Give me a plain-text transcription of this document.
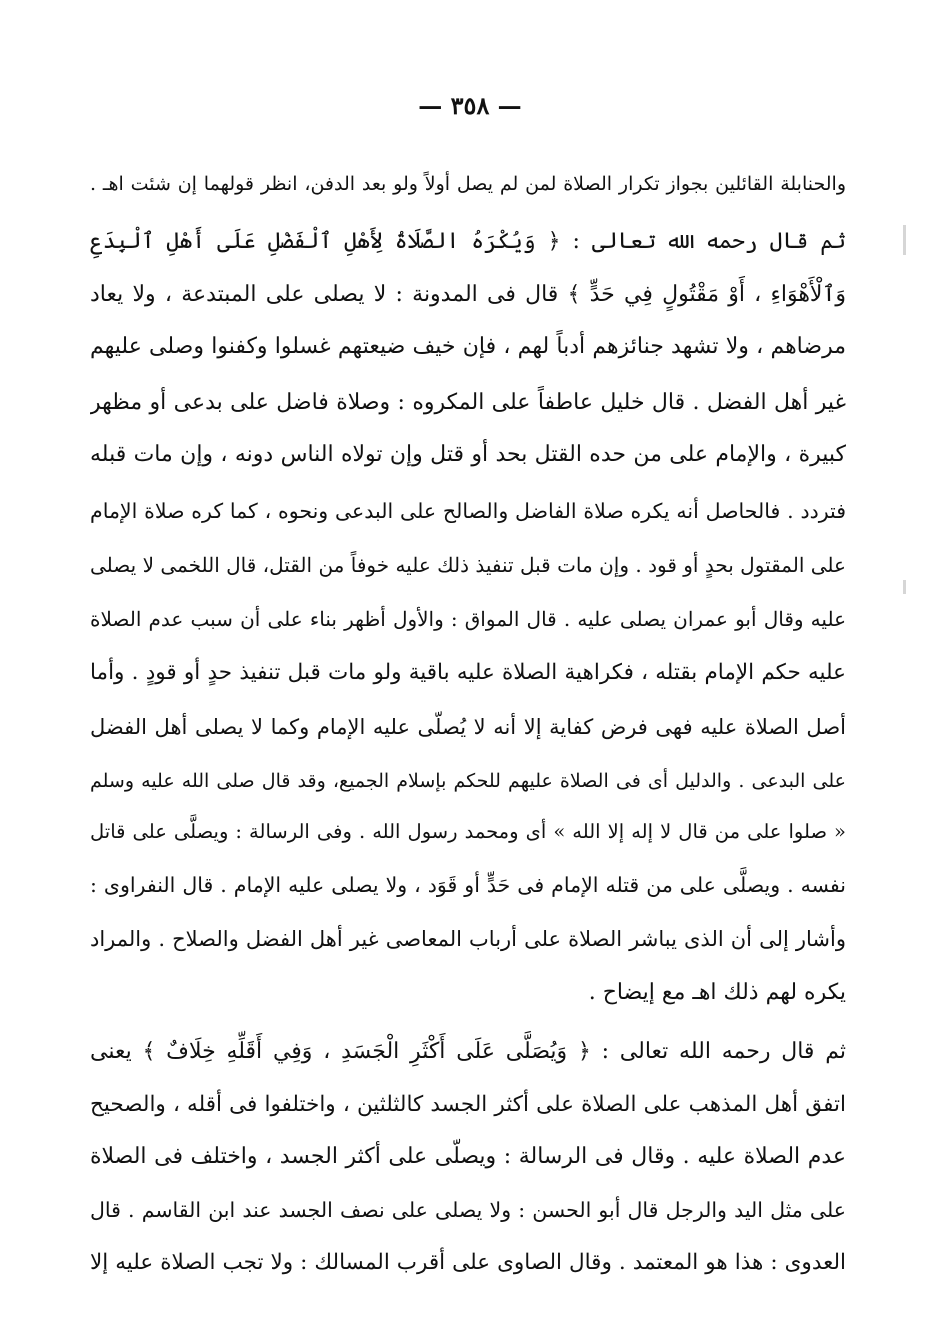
— ٣٥٨ —
والحنابلة القائلين بجواز تكرار الصلاة لمن لم يصل أولاً ولو بعد الدفن، انظر قولهما إن شئت اهـ .
ثم قال رحمه الله تعالى : ﴿ وَيُكْرَهُ الصَّلَاةُ لِأَهْلِ ٱلْفَضْلِ عَلَى أَهْلِ ٱلْبِدَعِ
وَٱلْأَهْوَاءِ ، أَوْ مَقْتُولٍ فِي حَدٍّ ﴾ قال فى المدونة : لا يصلى على المبتدعة ، ولا يعاد
مرضاهم ، ولا تشهد جنائزهم أدباً لهم ، فإن خيف ضيعتهم غسلوا وكفنوا وصلى عليهم
غير أهل الفضل . قال خليل عاطفاً على المكروه : وصلاة فاضل على بدعى أو مظهر
كبيرة ، والإمام على من حده القتل بحد أو قتل وإن تولاه الناس دونه ، وإن مات قبله
فتردد . فالحاصل أنه يكره صلاة الفاضل والصالح على البدعى ونحوه ، كما كره صلاة الإمام
على المقتول بحدٍ أو قود . وإن مات قبل تنفيذ ذلك عليه خوفاً من القتل، قال اللخمى لا يصلى
عليه وقال أبو عمران يصلى عليه . قال المواق : والأول أظهر بناء على أن سبب عدم الصلاة
عليه حكم الإمام بقتله ، فكراهية الصلاة عليه باقية ولو مات قبل تنفيذ حدٍ أو قودٍ . وأما
أصل الصلاة عليه فهى فرض كفاية إلا أنه لا يُصلّى عليه الإمام وكما لا يصلى أهل الفضل
على البدعى . والدليل أى فى الصلاة عليهم للحكم بإسلام الجميع، وقد قال صلى الله عليه وسلم
« صلوا على من قال لا إله إلا الله » أى ومحمد رسول الله . وفى الرسالة : ويصلَّى على قاتل
نفسه . ويصلَّى على من قتله الإمام فى حَدٍّ أو قَوَد ، ولا يصلى عليه الإمام . قال النفراوى :
وأشار إلى أن الذى يباشر الصلاة على أرباب المعاصى غير أهل الفضل والصلاح . والمراد
يكره لهم ذلك اهـ مع إيضاح .
ثم قال رحمه الله تعالى : ﴿ وَيُصَلَّى عَلَى أَكْثَرِ الْجَسَدِ ، وَفِي أَقَلِّهِ خِلَافٌ ﴾ يعنى
اتفق أهل المذهب على الصلاة على أكثر الجسد كالثلثين ، واختلفوا فى أقله ، والصحيح
عدم الصلاة عليه . وقال فى الرسالة : ويصلّى على أكثر الجسد ، واختلف فى الصلاة
على مثل اليد والرجل قال أبو الحسن : ولا يصلى على نصف الجسد عند ابن القاسم . قال
العدوى : هذا هو المعتمد . وقال الصاوى على أقرب المسالك : ولا تجب الصلاة عليه إلا
